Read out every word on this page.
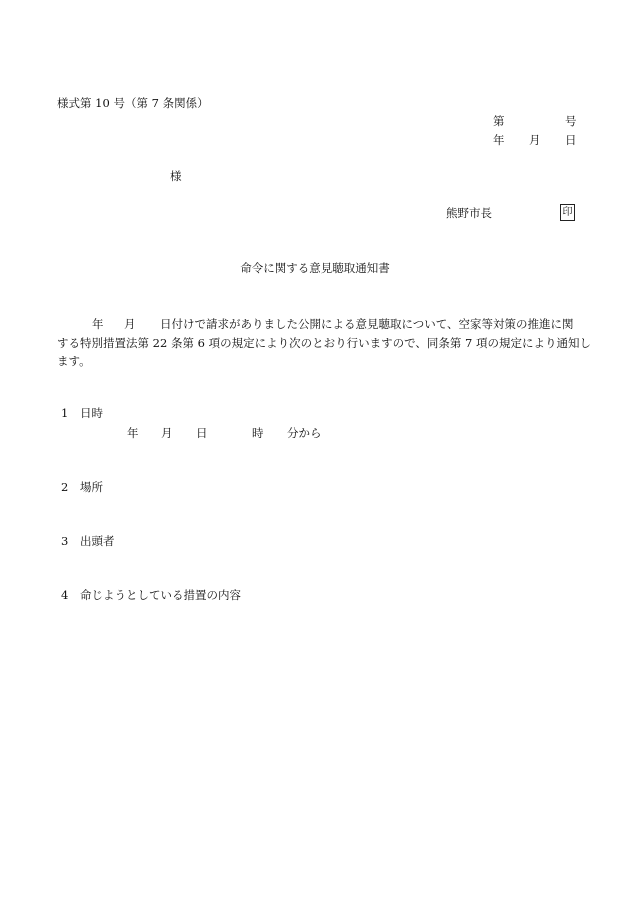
様式第 10 号（第 7 条関係）
第	号
年 月 日
様
熊野市長	印
命令に関する意見聴取通知書
年 月 日付けで請求がありました公開による意見聴取について、空家等対策の推進に関
する特別措置法第 22 条第 6 項の規定により次のとおり行いますので、同条第 7 項の規定により通知し
ます。
1 日時
年 月 日	時 分から
2 場所
3 出頭者
4 命じようとしている措置の内容
